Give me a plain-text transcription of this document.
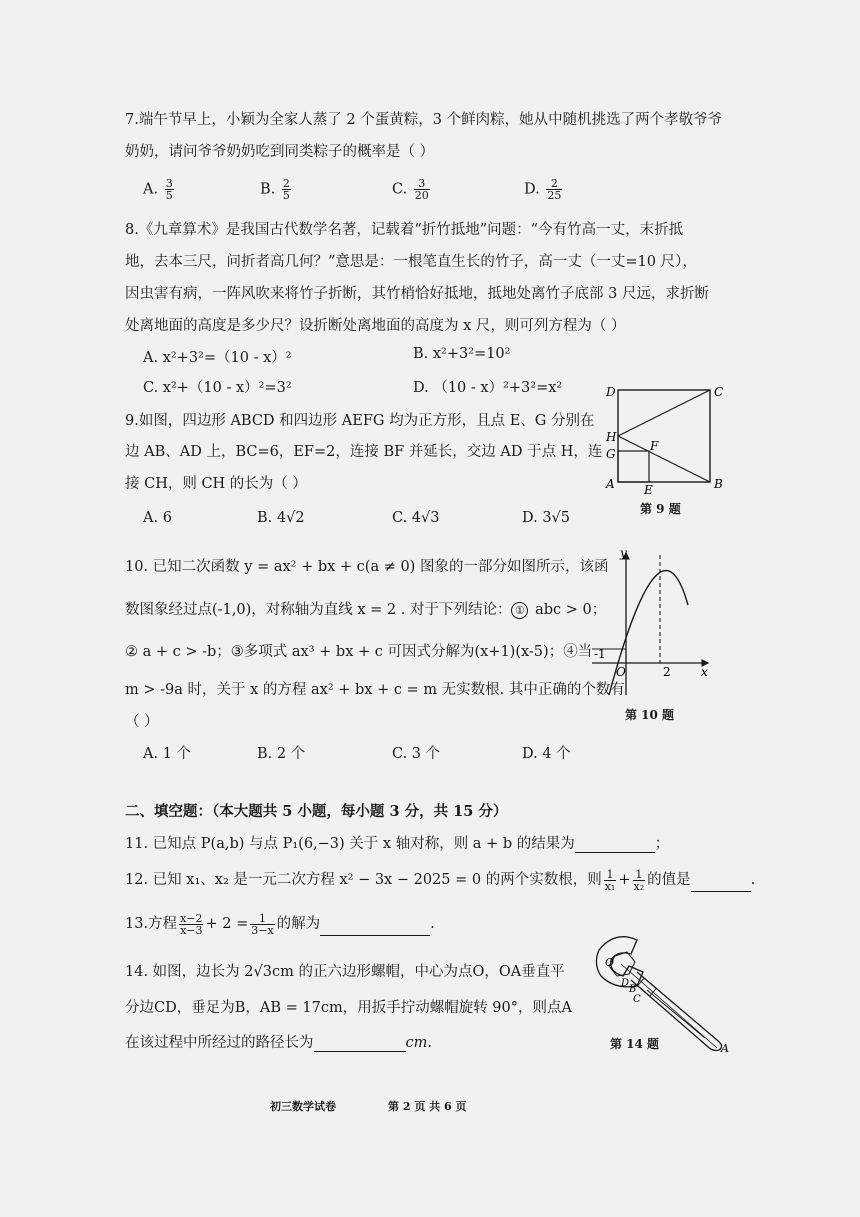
7.端午节早上，小颖为全家人蒸了 2 个蛋黄粽，3 个鲜肉粽，她从中随机挑选了两个孝敬爷爷
奶奶，请问爷爷奶奶吃到同类粽子的概率是（ ）
A. $\frac{3}{5}$	B. $\frac{2}{5}$	C. $\frac{3}{20}$	D. $\frac{2}{25}$
8.《九章算术》是我国古代数学名著，记载着“折竹抵地”问题：“今有竹高一丈，末折抵
地，去本三尺，问折者高几何？”意思是：一根笔直生长的竹子，高一丈（一丈=10 尺），
因虫害有病，一阵风吹来将竹子折断，其竹梢恰好抵地，抵地处离竹子底部 3 尺远，求折断
处离地面的高度是多少尺？设折断处离地面的高度为 x 尺，则可列方程为（ ）
A. x²+3²=（10 - x）²	B. x²+3²=10²
C. x²+（10 - x）²=3²	D. （10 - x）²+3²=x²
9.如图，四边形 ABCD 和四边形 AEFG 均为正方形，且点 E、G 分别在
边 AB、AD 上，BC=6，EF=2，连接 BF 并延长，交边 AD 于点 H，连
接 CH，则 CH 的长为（ ）
A. 6	B. 4√2	C. 4√3	D. 3√5
D	C
H
F
G
A E	B
第 9 题
10. 已知二次函数 y = ax² + bx + c(a ≠ 0) 图象的一部分如图所示，该函
数图象经过点(-1,0)，对称轴为直线 x = 2 . 对于下列结论： ① abc > 0；
② a + c > -b；③多项式 ax³ + bx + c 可因式分解为(x+1)(x-5)；④当
m > -9a 时，关于 x 的方程 ax² + bx + c = m 无实数根. 其中正确的个数有
（ ）
A. 1 个	B. 2 个	C. 3 个	D. 4 个
y
x
-1
O	2
第 10 题
二、填空题：（本大题共 5 小题，每小题 3 分，共 15 分）
11. 已知点 P(a,b) 与点 P₁(6,−3) 关于 x 轴对称，则 a + b 的结果为	；
12. 已知 x₁、x₂ 是一元二次方程 x² − 3x − 2025 = 0 的两个实数根，则 $\frac{1}{\text{x₁}} + \frac{1}{\text{x₂}}$ 的值是	.
13.方程 $\frac{x-2}{x-3} + 2 = \frac{1}{3-x}$ 的解为	.
14. 如图，边长为 2√3cm 的正六边形螺帽，中心为点O，OA垂直平
分边CD，垂足为B，AB = 17cm，用扳手拧动螺帽旋转 90°，则点A
在该过程中所经过的路径长为	cm.
O
D
B
C
A
第 14 题
初三数学试卷	第 2 页 共 6 页
